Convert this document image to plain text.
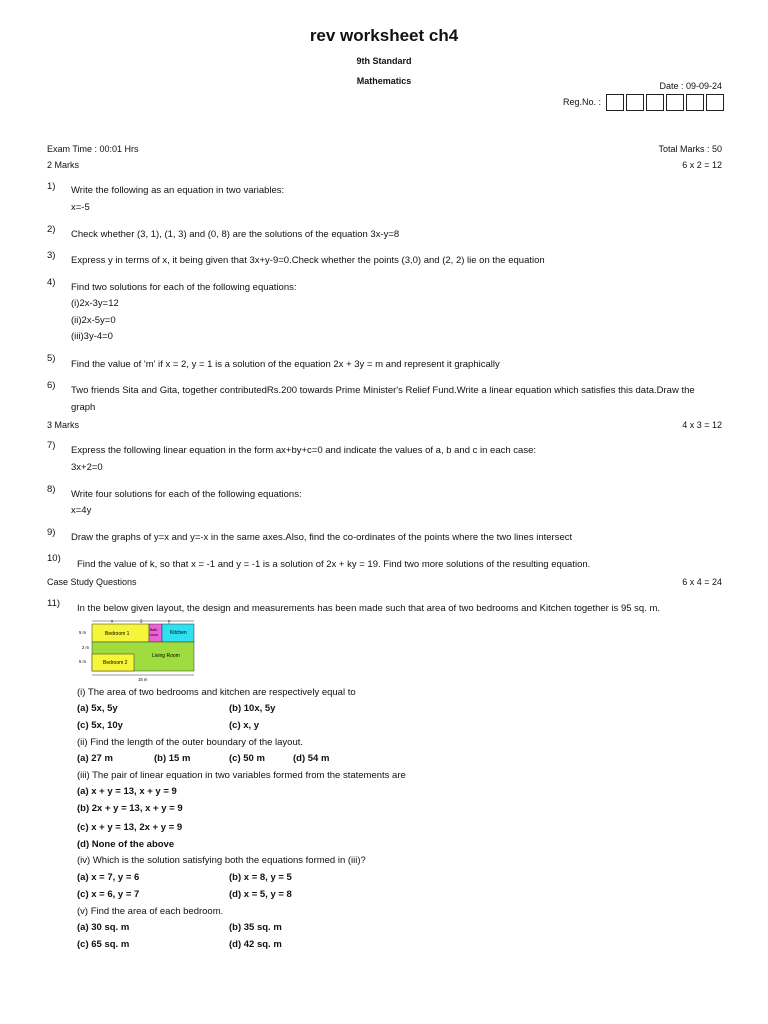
rev worksheet ch4
9th Standard
Mathematics	Date : 09-09-24
Reg.No. :
Exam Time : 00:01 Hrs	Total Marks : 50
2 Marks	6 x 2 = 12
1) Write the following as an equation in two variables:
x=-5
2) Check whether (3, 1), (1, 3) and (0, 8) are the solutions of the equation 3x-y=8
3) Express y in terms of x, it being given that 3x+y-9=0.Check whether the points (3,0) and (2, 2) lie on the equation
4) Find two solutions for each of the following equations:
(i)2x-3y=12
(ii)2x-5y=0
(iii)3y-4=0
5)
Find the value of 'm' if x = 2, y = 1 is a solution of the equation 2x + 3y = m and represent it graphically
6) Two friends Sita and Gita, together contributedRs.200 towards Prime Minister's Relief Fund.Write a linear equation which satisfies this data.Draw the
graph
3 Marks	4 x 3 = 12
7) Express the following linear equation in the form ax+by+c=0 and indicate the values of a, b and c in each case:
3x+2=0
8) Write four solutions for each of the following equations:
x=4y
9) Draw the graphs of y=x and y=-x in the same axes.Also, find the co-ordinates of the points where the two lines intersect
10)
Find the value of k, so that x = -1 and y = -1 is a solution of 2x + ky = 19. Find two more solutions of the resulting equation.
Case Study Questions	6 x 4 = 24
11) In the below given layout, the design and measurements has been made such that area of two bedrooms and Kitchen together is 95 sq. m.
x	2	y
Bedroom 1
Bath
room Kitchen
Living Room
Bedroom 2
5 m
2 m
5 m
15 m
(i) The area of two bedrooms and kitchen are respectively equal to
(a) 5x, 5y	(b) 10x, 5y
(c) 5x, 10y	(c) x, y
(ii) Find the length of the outer boundary of the layout.
(a) 27 m	(b) 15 m	(c) 50 m	(d) 54 m
(iii) The pair of linear equation in two variables formed from the statements are
(a) x + y = 13, x + y = 9
(b) 2x + y = 13, x + y = 9
(c) x + y = 13, 2x + y = 9
(d) None of the above
(iv) Which is the solution satisfying both the equations formed in (iii)?
(a) x = 7, y = 6	(b) x = 8, y = 5
(c) x = 6, y = 7	(d) x = 5, y = 8
(v) Find the area of each bedroom.
(a) 30 sq. m	(b) 35 sq. m
(c) 65 sq. m	(d) 42 sq. m
